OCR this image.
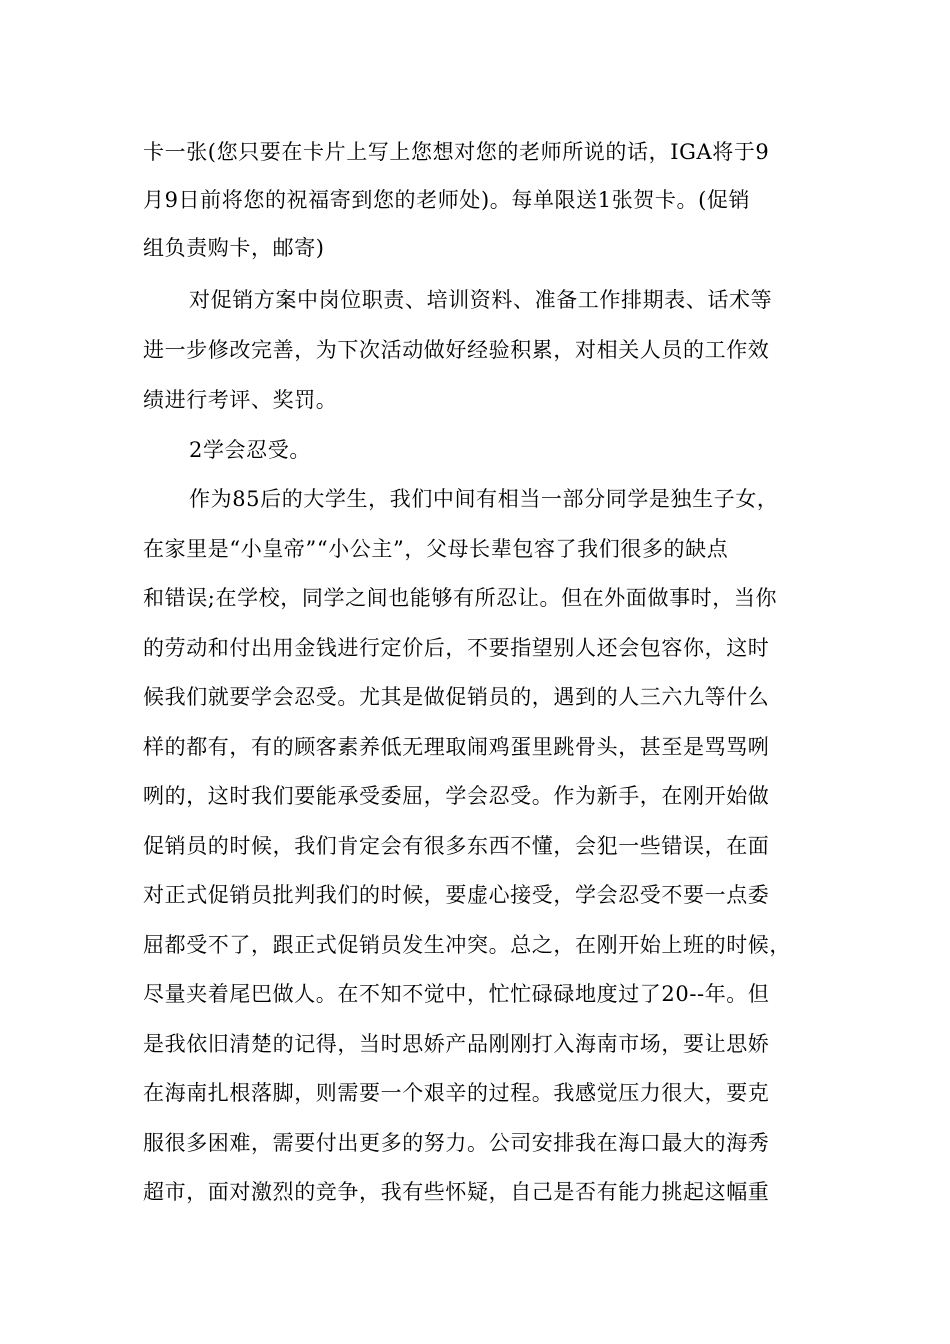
卡一张(您只要在卡片上写上您想对您的老师所说的话，IGA将于9
月9日前将您的祝福寄到您的老师处)。每单限送1张贺卡。(促销
组负责购卡，邮寄)
对促销方案中岗位职责、培训资料、准备工作排期表、话术等
进一步修改完善，为下次活动做好经验积累，对相关人员的工作效
绩进行考评、奖罚。
2学会忍受。
作为85后的大学生，我们中间有相当一部分同学是独生子女，
在家里是“小皇帝”“小公主”，父母长辈包容了我们很多的缺点
和错误;在学校，同学之间也能够有所忍让。但在外面做事时，当你
的劳动和付出用金钱进行定价后，不要指望别人还会包容你，这时
候我们就要学会忍受。尤其是做促销员的，遇到的人三六九等什么
样的都有，有的顾客素养低无理取闹鸡蛋里跳骨头，甚至是骂骂咧
咧的，这时我们要能承受委屈，学会忍受。作为新手，在刚开始做
促销员的时候，我们肯定会有很多东西不懂，会犯一些错误，在面
对正式促销员批判我们的时候，要虚心接受，学会忍受不要一点委
屈都受不了，跟正式促销员发生冲突。总之，在刚开始上班的时候，
尽量夹着尾巴做人。在不知不觉中，忙忙碌碌地度过了20--年。但
是我依旧清楚的记得，当时思娇产品刚刚打入海南市场，要让思娇
在海南扎根落脚，则需要一个艰辛的过程。我感觉压力很大，要克
服很多困难，需要付出更多的努力。公司安排我在海口最大的海秀
超市，面对激烈的竞争，我有些怀疑，自己是否有能力挑起这幅重
